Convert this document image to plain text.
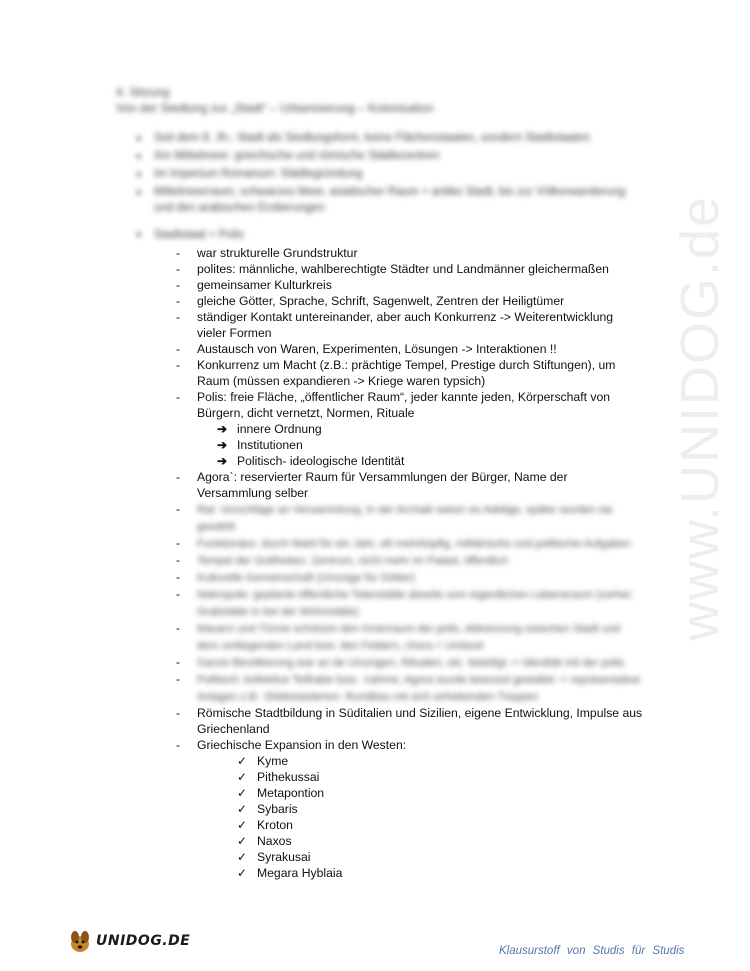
4. Sitzung
Von der Siedlung zur „Stadt“ – Urbanisierung – Kolonisation
● Seit dem 8. Jh.: Stadt als Siedlungsform, keine Flächenstaaten, sondern Stadtstaaten
● Am Mittelmeer: griechische und römische Städtezentren
● Im Imperium Romanum: Städtegründung
● Mittelmeerraum, schwarzes Meer, asiatischer Raum + antike Stadt, bis zur Völkerwanderung und den arabischen Eroberungen
● Stadtstaat = Polis
- war strukturelle Grundstruktur
- polites: männliche, wahlberechtigte Städter und Landmänner gleichermaßen
- gemeinsamer Kulturkreis
- gleiche Götter, Sprache, Schrift, Sagenwelt, Zentren der Heiligtümer
- ständiger Kontakt untereinander, aber auch Konkurrenz -> Weiterentwicklung vieler Formen
- Austausch von Waren, Experimenten, Lösungen -> Interaktionen !!
- Konkurrenz um Macht (z.B.: prächtige Tempel, Prestige durch Stiftungen), um Raum (müssen expandieren -> Kriege waren typsich)
- Polis: freie Fläche, „öffentlicher Raum“, jeder kannte jeden, Körperschaft von Bürgern, dicht vernetzt, Normen, Rituale
➔ innere Ordnung
➔ Institutionen
➔ Politisch- ideologische Identität
- Agora`: reservierter Raum für Versammlungen der Bürger, Name der Versammlung selber
- Rat: Vorschläge an Versammlung, in der Archaik waren es Adelige, später wurden sie gewählt
- Funktionäre: durch Wahl für ein Jahr, oft mehrköpfig, militärische und politische Aufgaben
- Tempel der Gottheiten: Zentrum, nicht mehr im Palast, öffentlich
- Kulturelle Gemeinschaft (Umzüge für Götter)
- Nekropole: geplante öffentliche Totenstätte abseits vom eigentlichen Lebensraum (vorher: Grabstätte in bei der Wohnstätte)
- Mauern und Türme schützen den Innenraum der polis, Abtrennung zwischen Stadt und dem umliegenden Land bzw. den Feldern, chora = Umland
- Ganze Bevölkerung war an de Umzügen, Ritualen, etc. beteiligt -> Identität mit der polis
- Politisch: kollektive Teilhabe bzw. -nahme, Agora wurde bewusst gestaltet -> repräsentative Anlagen z.B.: Ekklesiasterion: Rundbau mit sich anhebenden Treppen
- Römische Stadtbildung in Süditalien und Sizilien, eigene Entwicklung, Impulse aus Griechenland
- Griechische Expansion in den Westen:
✓ Kyme
✓ Pithekussai
✓ Metapontion
✓ Sybaris
✓ Kroton
✓ Naxos
✓ Syrakusai
✓ Megara Hyblaia
www.UNIDOG.de
UNIDOG.DE
Klausurstoff von Studis für Studis
